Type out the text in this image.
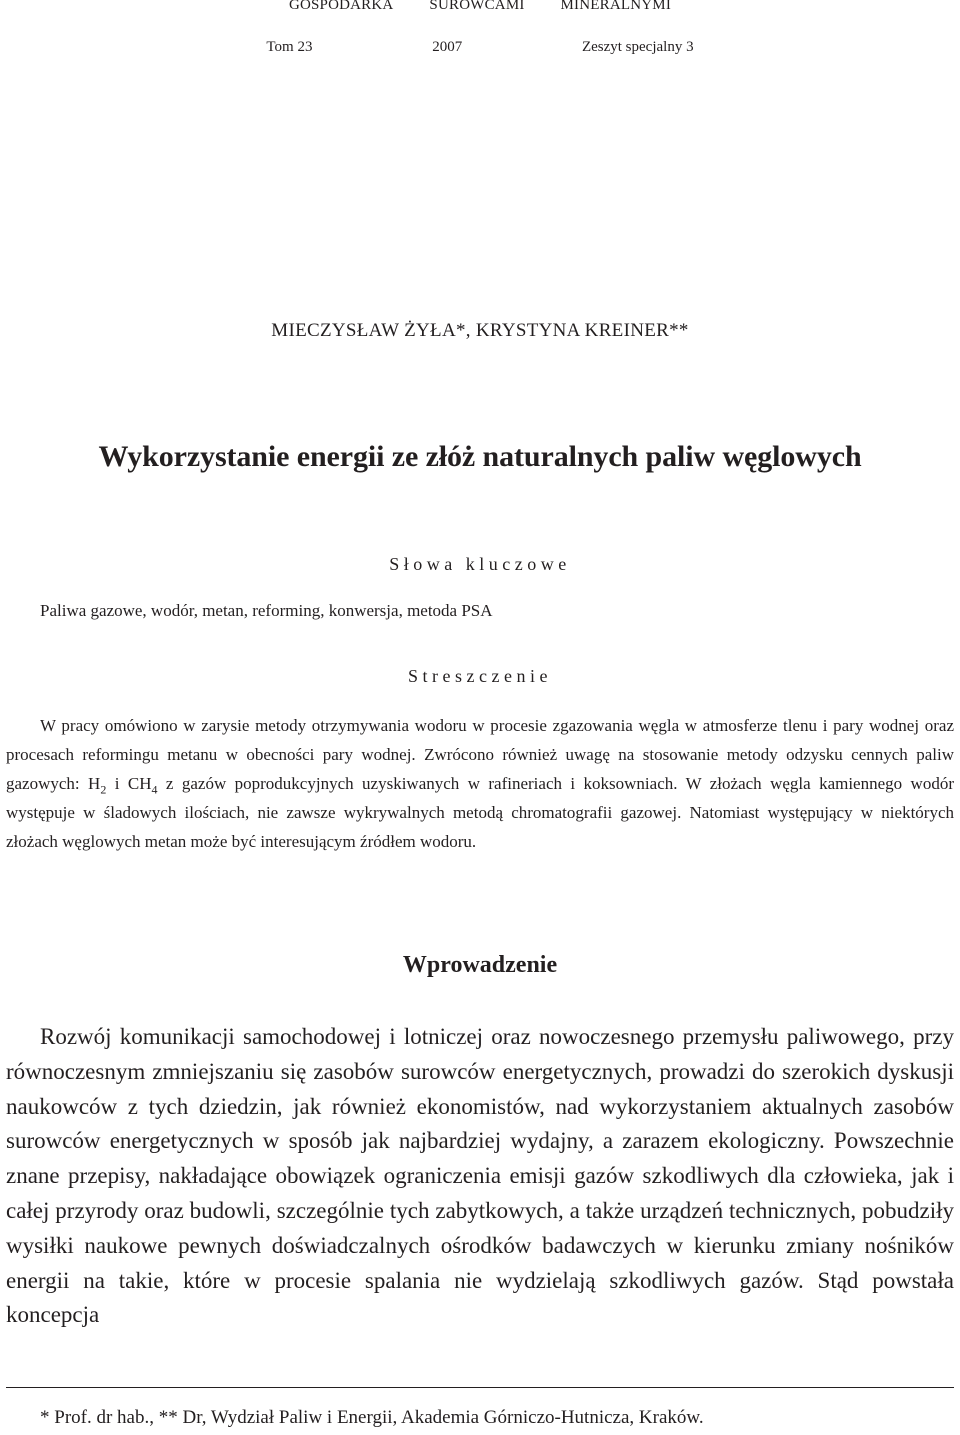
GOSPODARKA SUROWCAMI MINERALNYMI
Tom 23	2007	Zeszyt specjalny 3
MIECZYSŁAW ŻYŁA*, KRYSTYNA KREINER**
Wykorzystanie energii ze złóż naturalnych paliw węglowych
Słowa kluczowe
Paliwa gazowe, wodór, metan, reforming, konwersja, metoda PSA
Streszczenie

W pracy omówiono w zarysie metody otrzymywania wodoru w procesie zgazowania węgla w atmosferze tlenu i pary wodnej oraz procesach reformingu metanu w obecności pary wodnej. Zwrócono również uwagę na stosowanie metody odzysku cennych paliw gazowych: $H_2$ i $CH_4$ z gazów poprodukcyjnych uzyskiwanych w rafineriach i koksowniach. W złożach węgla kamiennego wodór występuje w śladowych ilościach, nie zawsze wykrywalnych metodą chromatografii gazowej. Natomiast występujący w niektórych złożach węglowych metan może być interesującym źródłem wodoru.

Wprowadzenie

Rozwój komunikacji samochodowej i lotniczej oraz nowoczesnego przemysłu paliwowego, przy równoczesnym zmniejszaniu się zasobów surowców energetycznych, prowadzi do szerokich dyskusji naukowców z tych dziedzin, jak również ekonomistów, nad wykorzystaniem aktualnych zasobów surowców energetycznych w sposób jak najbardziej wydajny, a zarazem ekologiczny. Powszechnie znane przepisy, nakładające obowiązek ograniczenia emisji gazów szkodliwych dla człowieka, jak i całej przyrody oraz budowli, szczególnie tych zabytkowych, a także urządzeń technicznych, pobudziły wysiłki naukowe pewnych doświadczalnych ośrodków badawczych w kierunku zmiany nośników energii na takie, które w procesie spalania nie wydzielają szkodliwych gazów. Stąd powstała koncepcja

* Prof. dr hab., ** Dr, Wydział Paliw i Energii, Akademia Górniczo-Hutnicza, Kraków.
